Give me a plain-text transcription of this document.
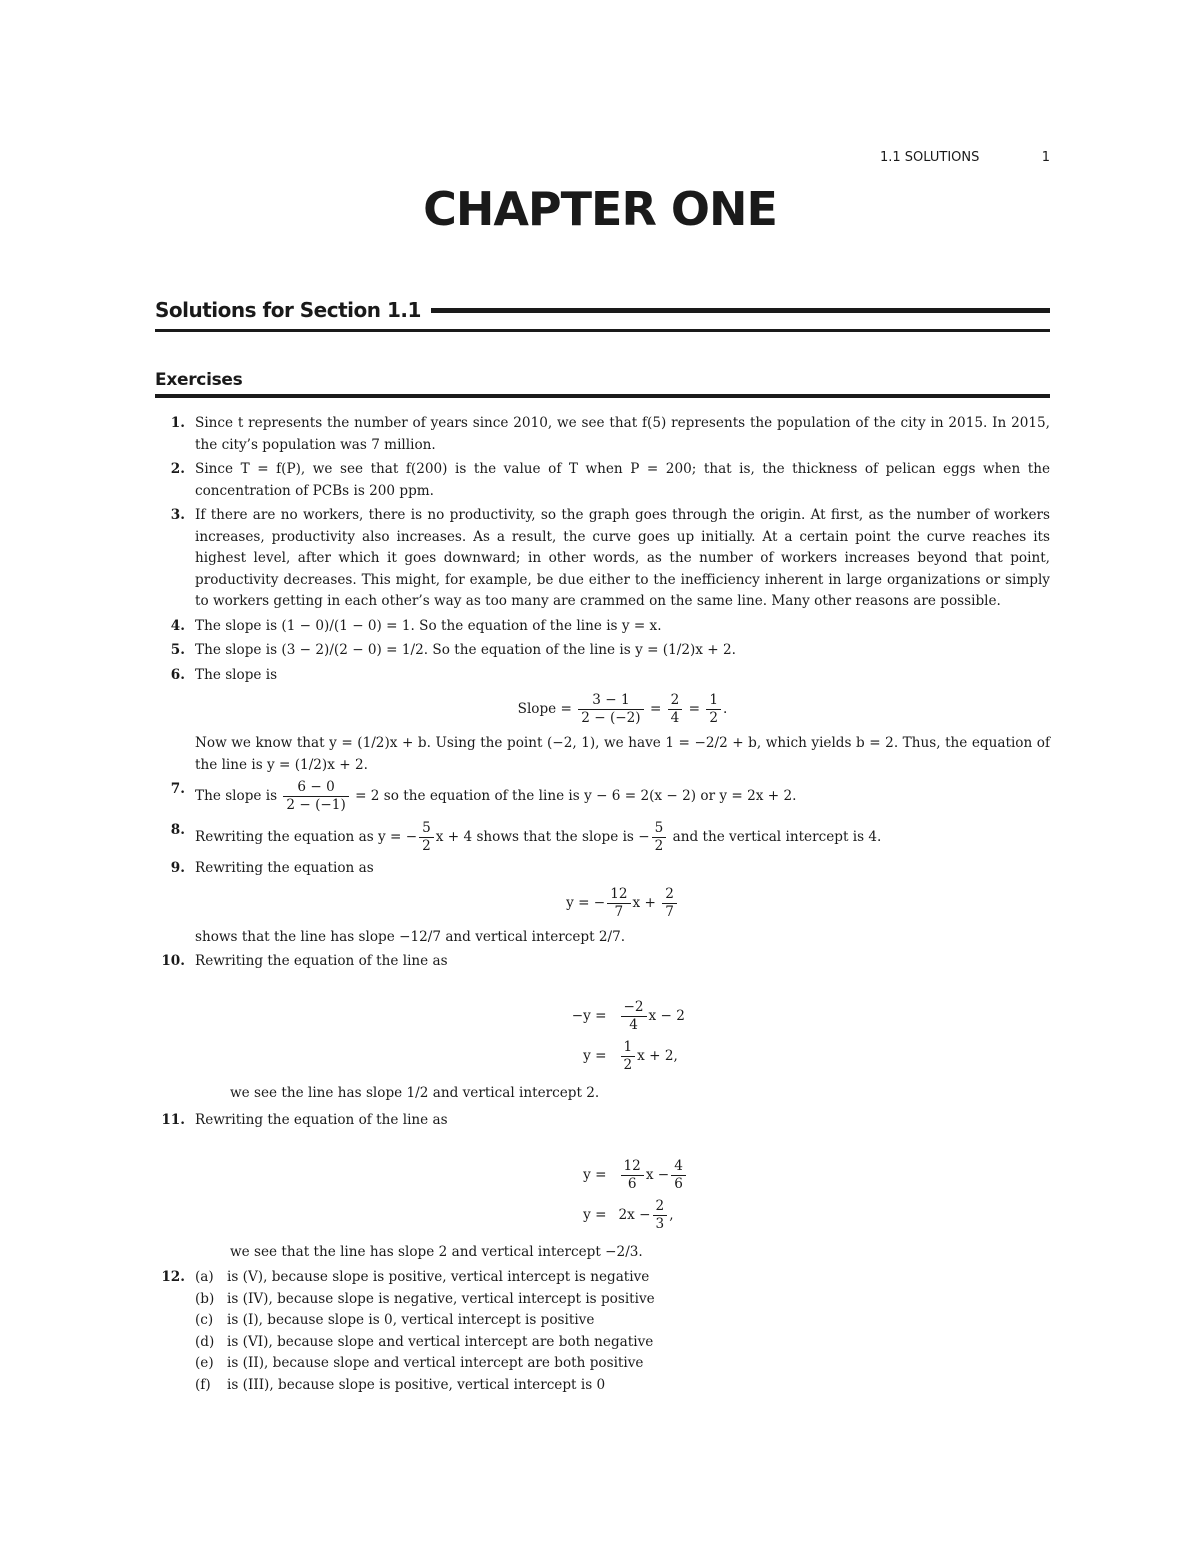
1.1 SOLUTIONS	1
CHAPTER ONE
Solutions for Section 1.1
Exercises
1. Since t represents the number of years since 2010, we see that f(5) represents the population of the city in 2015. In 2015, the city’s population was 7 million.
2. Since T = f(P), we see that f(200) is the value of T when P = 200; that is, the thickness of pelican eggs when the concentration of PCBs is 200 ppm.
3. If there are no workers, there is no productivity, so the graph goes through the origin. At first, as the number of workers increases, productivity also increases. As a result, the curve goes up initially. At a certain point the curve reaches its highest level, after which it goes downward; in other words, as the number of workers increases beyond that point, productivity decreases. This might, for example, be due either to the inefficiency inherent in large organizations or simply to workers getting in each other’s way as too many are crammed on the same line. Many other reasons are possible.
4. The slope is (1 − 0)/(1 − 0) = 1. So the equation of the line is y = x.
5. The slope is (3 − 2)/(2 − 0) = 1/2. So the equation of the line is y = (1/2)x + 2.
6. The slope is
Slope = $\frac{3 - 1}{2 - (-2)} = \frac{2}{4} = \frac{1}{2}$ .
Now we know that y = (1/2)x + b. Using the point (−2, 1), we have 1 = −2/2 + b, which yields b = 2. Thus, the equation of the line is y = (1/2)x + 2.
7. The slope is $\frac{6 - 0}{2 - (-1)} = 2$ so the equation of the line is y − 6 = 2(x − 2) or y = 2x + 2.
8. Rewriting the equation as y = − $\frac{5}{2}$ x + 4 shows that the slope is − $\frac{5}{2}$ and the vertical intercept is 4.
9. Rewriting the equation as
y = − $\frac{12}{7}$ $x + \frac{2}{7}$
shows that the line has slope −12/7 and vertical intercept 2/7.
10. Rewriting the equation of the line as
−y =	$\frac{-2}{4}$ x − 2
y =	$\frac{1}{2}$ x + 2,
we see the line has slope 1/2 and vertical intercept 2.
11. Rewriting the equation of the line as
y =	$\frac{12}{6}$ $x - \frac{4}{6}$
$y = 2x - \frac{2}{3}$ ,
we see that the line has slope 2 and vertical intercept −2/3.
12. (a) is (V), because slope is positive, vertical intercept is negative
(b) is (IV), because slope is negative, vertical intercept is positive
(c)	is (I), because slope is 0, vertical intercept is positive
(d) is (VI), because slope and vertical intercept are both negative
(e) is (II), because slope and vertical intercept are both positive
(f)	is (III), because slope is positive, vertical intercept is 0
